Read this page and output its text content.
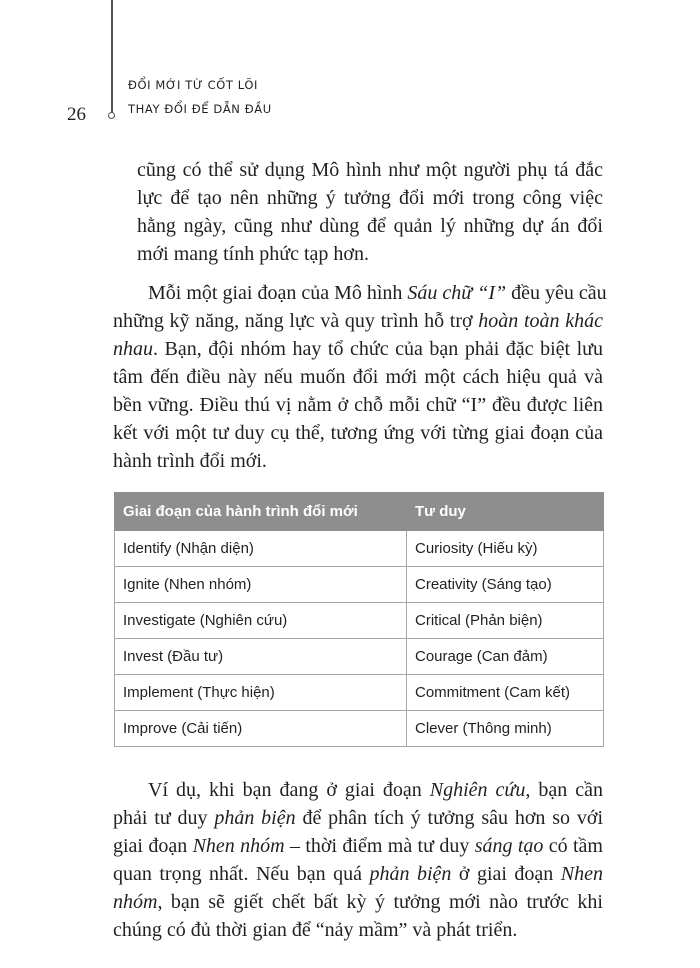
26
ĐỔI MỚI TỪ CỐT LÕI
THAY ĐỔI ĐỂ DẪN ĐẦU
cũng có thể sử dụng Mô hình như một người phụ tá đắc
lực để tạo nên những ý tưởng đổi mới trong công việc
hằng ngày, cũng như dùng để quản lý những dự án đổi
mới mang tính phức tạp hơn.
Mỗi một giai đoạn của Mô hình Sáu chữ “I” đều yêu cầu
những kỹ năng, năng lực và quy trình hỗ trợ hoàn toàn khác
nhau. Bạn, đội nhóm hay tổ chức của bạn phải đặc biệt lưu
tâm đến điều này nếu muốn đổi mới một cách hiệu quả và
bền vững. Điều thú vị nằm ở chỗ mỗi chữ “I” đều được liên
kết với một tư duy cụ thể, tương ứng với từng giai đoạn của
hành trình đổi mới.
Ví dụ, khi bạn đang ở giai đoạn Nghiên cứu, bạn cần
phải tư duy phản biện để phân tích ý tưởng sâu hơn so với
giai đoạn Nhen nhóm – thời điểm mà tư duy sáng tạo có tầm
quan trọng nhất. Nếu bạn quá phản biện ở giai đoạn Nhen
nhóm, bạn sẽ giết chết bất kỳ ý tưởng mới nào trước khi
chúng có đủ thời gian để “nảy mầm” và phát triển.
Giai đoạn của hành trình đổi mới	Tư duy
Identify (Nhận diện)	Curiosity (Hiếu kỳ)
Ignite (Nhen nhóm)	Creativity (Sáng tạo)
Investigate (Nghiên cứu)	Critical (Phản biện)
Invest (Đầu tư)	Courage (Can đảm)
Implement (Thực hiện)	Commitment (Cam kết)
Improve (Cải tiến)	Clever (Thông minh)
